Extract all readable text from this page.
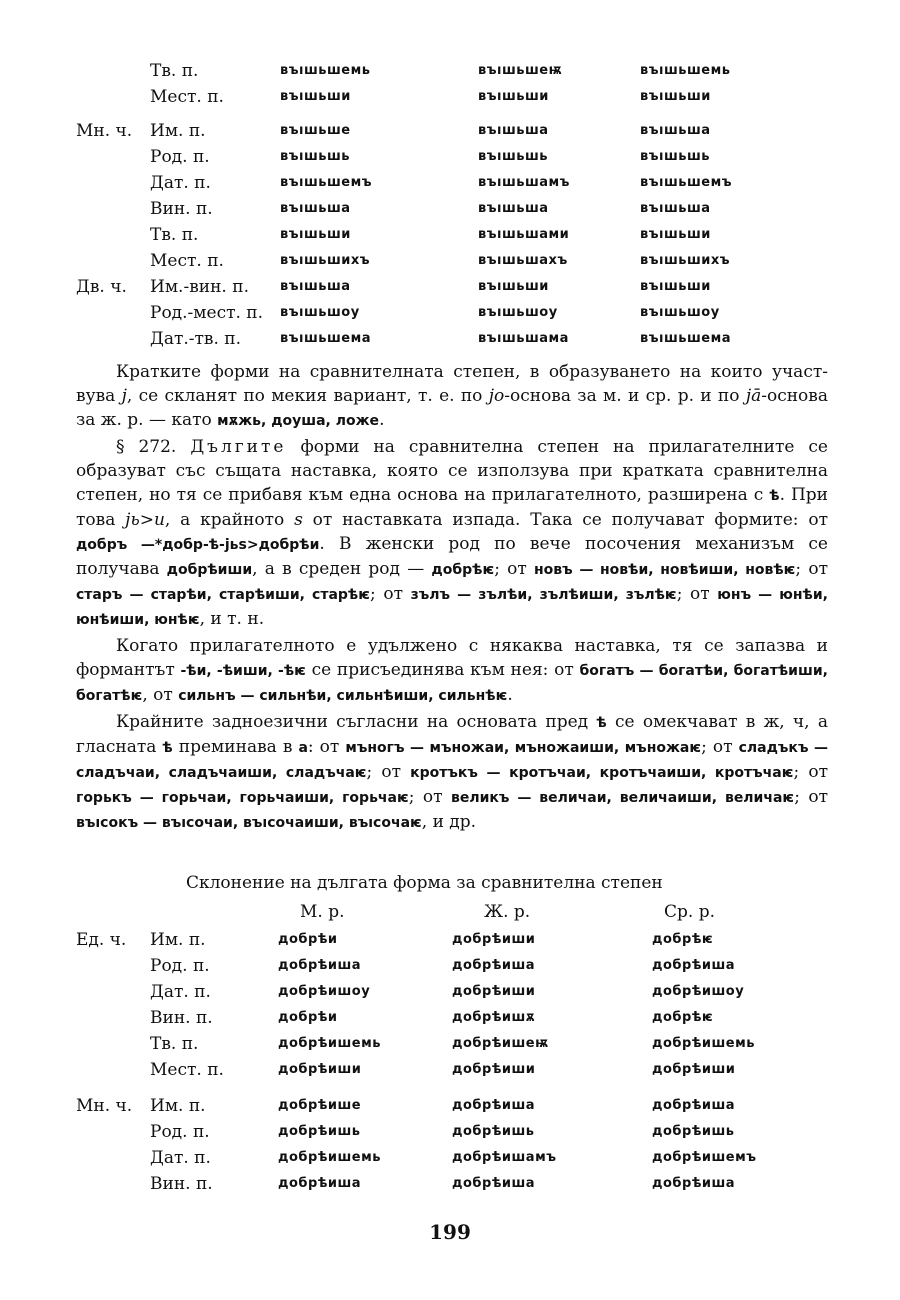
Тв. п.	въıшьшемь	въıшьшеѭ	въıшьшемь
Мест. п.	въıшьши	въıшьши	въıшьши
Мн. ч. Им. п.	въıшьше	въıшьша	въıшьша
Род. п.	въıшьшь	въıшьшь	въıшьшь
Дат. п.	въıшьшемъ	въıшьшамъ	въıшьшемъ
Вин. п.	въıшьша	въıшьша	въıшьша
Тв. п.	въıшьши	въıшьшами	въıшьши
Мест. п.	въıшьшихъ	въıшьшахъ	въıшьшихъ
Дв. ч. Им.-вин. п. въıшьша	въıшьши	въıшьши
Род.-мест. п. въıшьшоу	въıшьшоу	въıшьшоу
Дат.-тв. п.	въıшьшема	въıшьшама	въıшьшема

Кратките форми на сравнителната степен, в образуването на които участ-вува j, се скланят по мекия вариант, т. е. по jo-основа за м. и ср. р. и по jā-основа за ж. р. — като мѫжь, доуша, ложе.

§ 272. Дългите форми на сравнителна степен на прилагателните се образуват със същата наставка, която се използува при кратката сравнителна степен, но тя се прибавя към една основа на прилагателното, разширена с ѣ. При това jь>и, а крайното s от наставката изпада. Така се получават формите: от добръ —*добр-ѣ-jьs>добрѣи. В женски род по вече посочения механизъм се получава добрѣиши, а в среден род — добрѣѥ; от новъ — новѣи, новѣиши, новѣѥ; от старъ — старѣи, старѣиши, старѣѥ; от зълъ — зълѣи, зълѣиши, зълѣѥ; от юнъ — юнѣи, юнѣиши, юнѣѥ, и т. н.

Когато прилагателното е удължено с някаква наставка, тя се запазва и формантът -ѣи, -ѣиши, -ѣѥ се присъединява към нея: от богатъ — богатѣи, богатѣиши, богатѣѥ, от сильнъ — сильнѣи, сильнѣиши, сильнѣѥ.

Крайните задноезични съгласни на основата пред ѣ се омекчават в ж, ч, а гласната ѣ преминава в а: от мъногъ — мъножаи, мъножаиши, мъножаѥ; от сладъкъ — сладъчаи, сладъчаиши, сладъчаѥ; от кротъкъ — кротъчаи, кротъчаиши, кротъчаѥ; от горькъ — горьчаи, горьчаиши, горьчаѥ; от великъ — величаи, величаиши, величаѥ; от въıсокъ — въıсочаи, въıсочаиши, въıсочаѥ, и др.

Склонение на дългата форма за сравнителна степен
М. р.	Ж. р.	Ср. р.
Ед. ч. Им. п.	добрѣи	добрѣиши	добрѣѥ
Род. п.	добрѣиша	добрѣиша	добрѣиша
Дат. п.	добрѣишоу	добрѣиши	добрѣишоу
Вин. п.	добрѣи	добрѣишѫ	добрѣѥ
Тв. п.	добрѣишемь	добрѣишеѭ	добрѣишемь
Мест. п.	добрѣиши	добрѣиши	добрѣиши
Мн. ч. Им. п.	добрѣише	добрѣиша	добрѣиша
Род. п.	добрѣишь	добрѣишь	добрѣишь
Дат. п.	добрѣишемь	добрѣишамъ	добрѣишемъ
Вин. п.	добрѣиша	добрѣиша	добрѣиша
199
